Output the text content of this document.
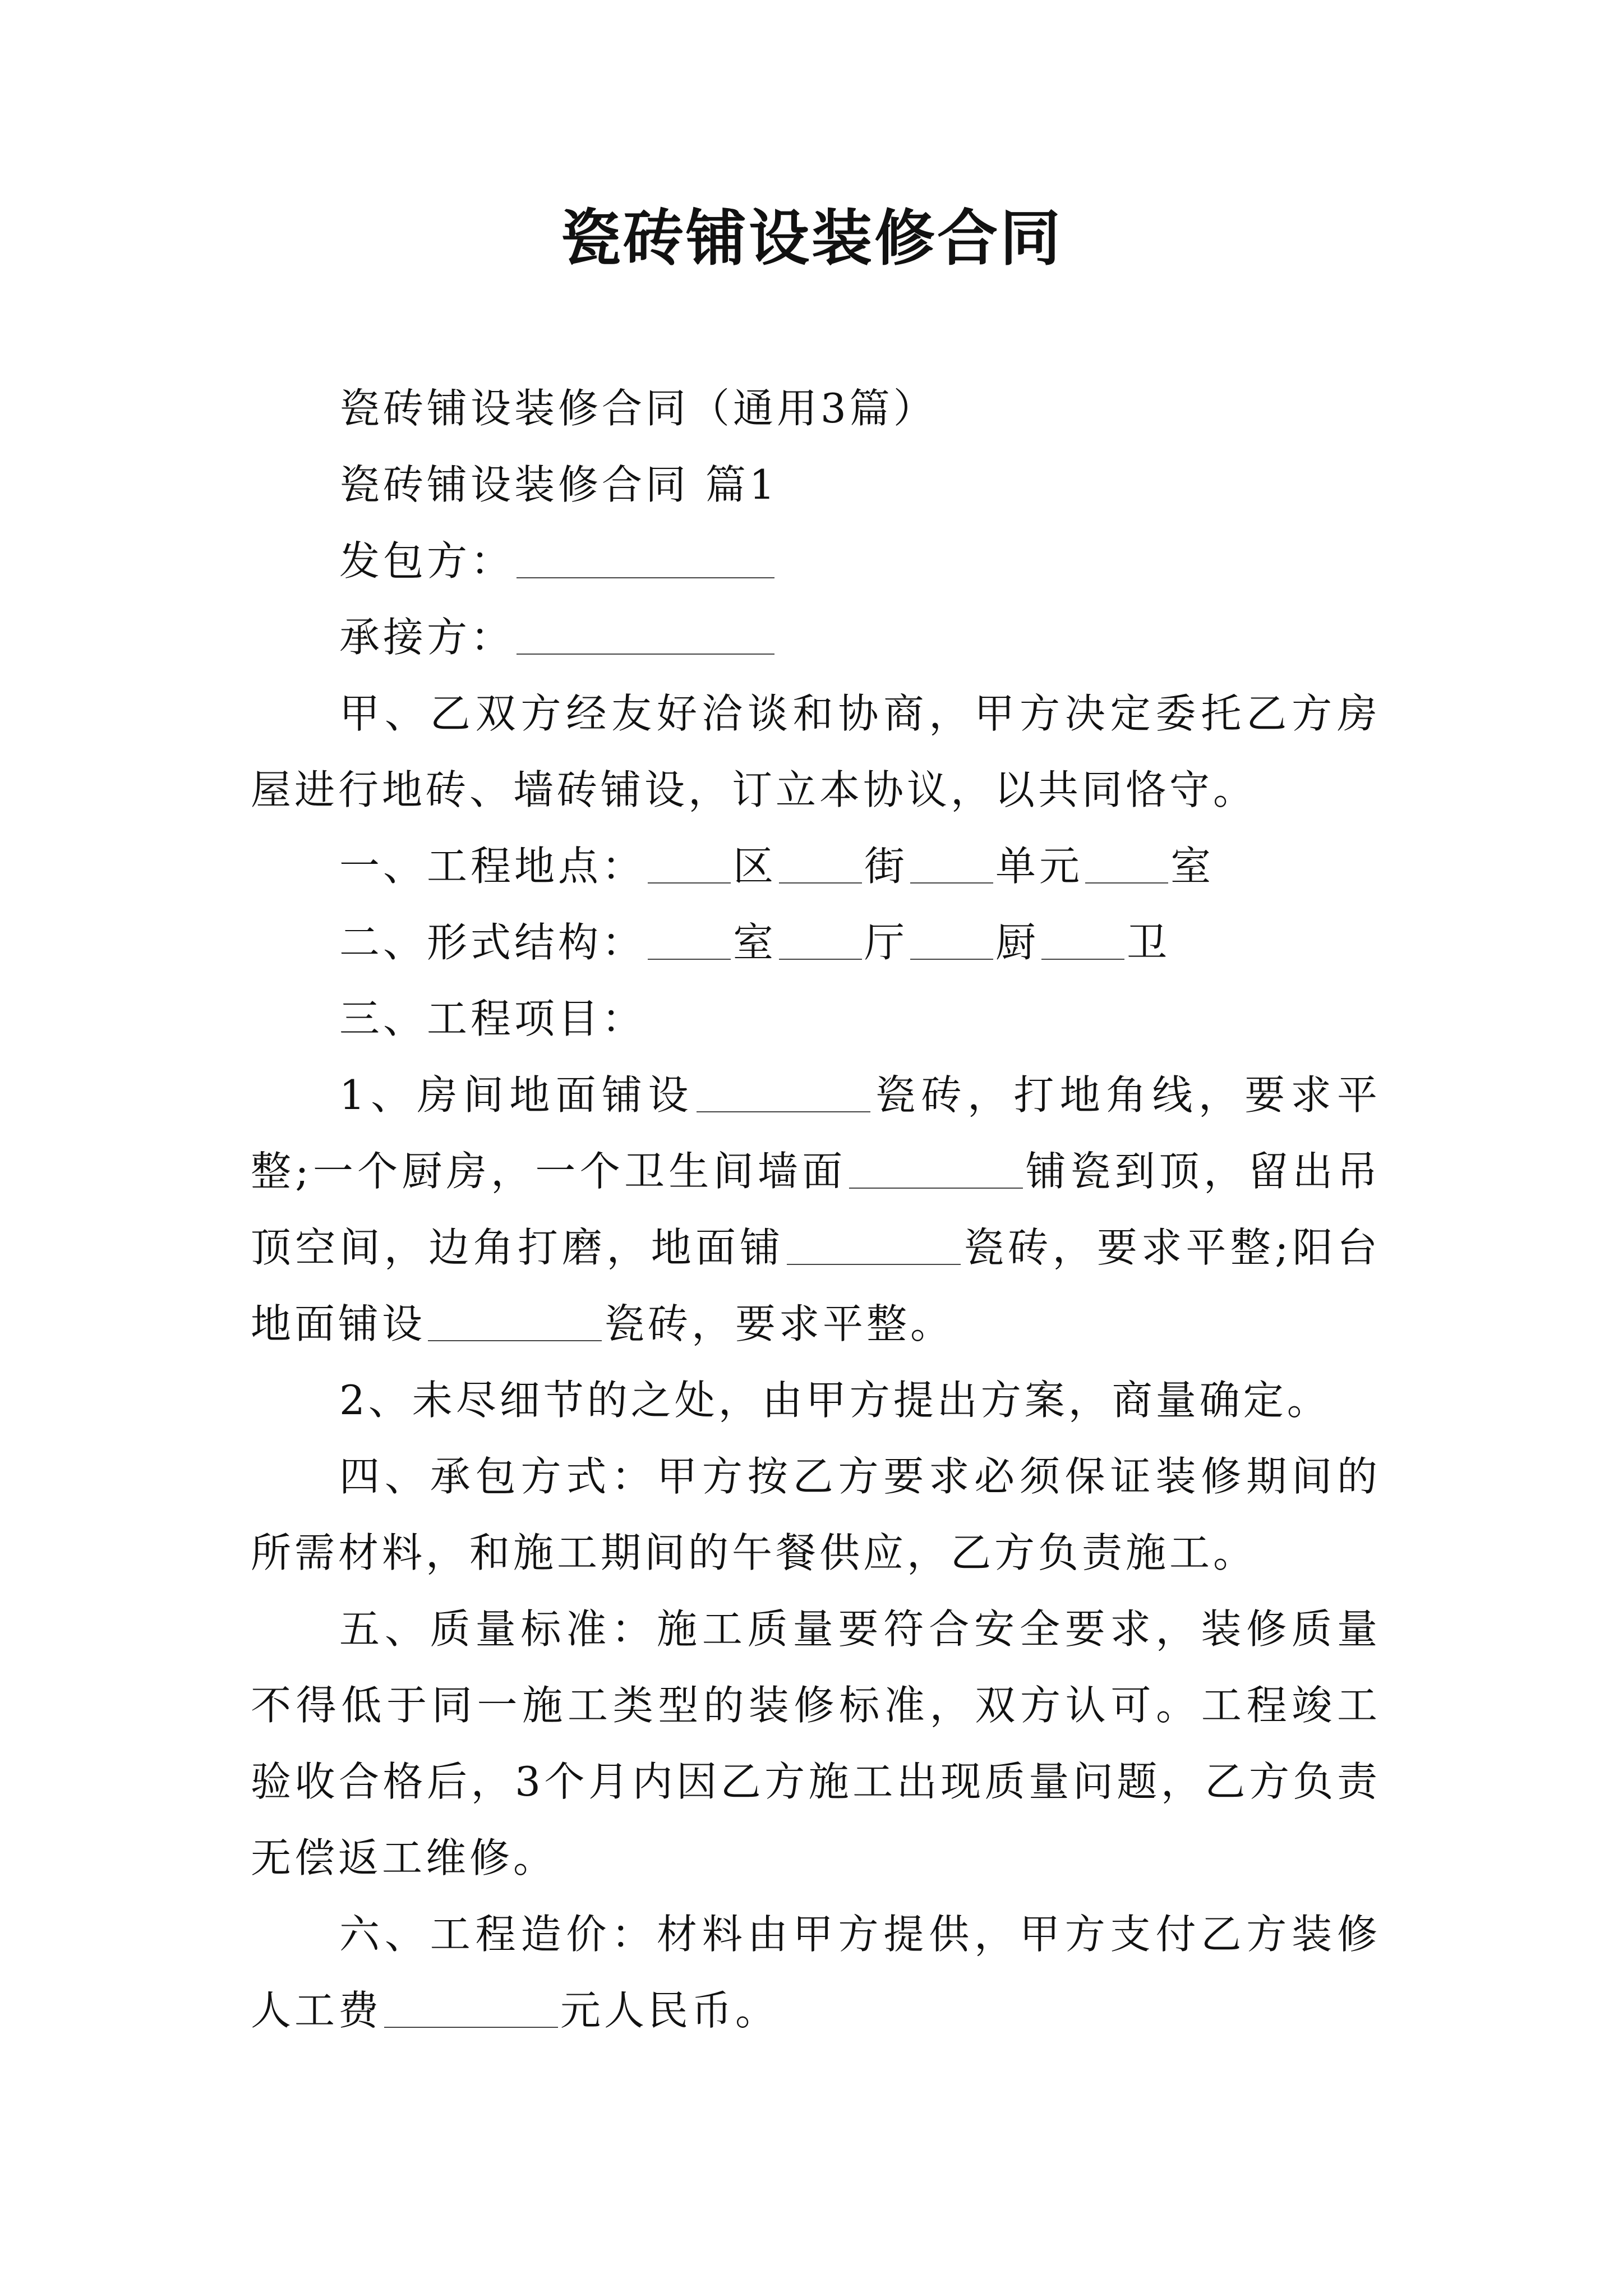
瓷砖铺设装修合同

瓷砖铺设装修合同（通用3篇）

瓷砖铺设装修合同 篇1

发包方：

承接方：

甲、乙双方经友好洽谈和协商，甲方决定委托乙方房屋进行地砖、墙砖铺设，订立本协议，以共同恪守。

一、工程地点： 区 街 单元 室

二、形式结构： 室 厅 厨 卫

三、工程项目：

1、房间地面铺设	瓷砖，打地角线，要求平整;一个厨房，一个卫生间墙面	铺瓷到顶，留出吊顶空间，边角打磨，地面铺	瓷砖，要求平整;阳台地面铺设	瓷砖，要求平整。

2、未尽细节的之处，由甲方提出方案，商量确定。

四、承包方式：甲方按乙方要求必须保证装修期间的所需材料，和施工期间的午餐供应，乙方负责施工。

五、质量标准：施工质量要符合安全要求，装修质量不得低于同一施工类型的装修标准，双方认可。工程竣工验收合格后，3个月内因乙方施工出现质量问题，乙方负责无偿返工维修。

六、工程造价：材料由甲方提供，甲方支付乙方装修人工费	元人民币。
